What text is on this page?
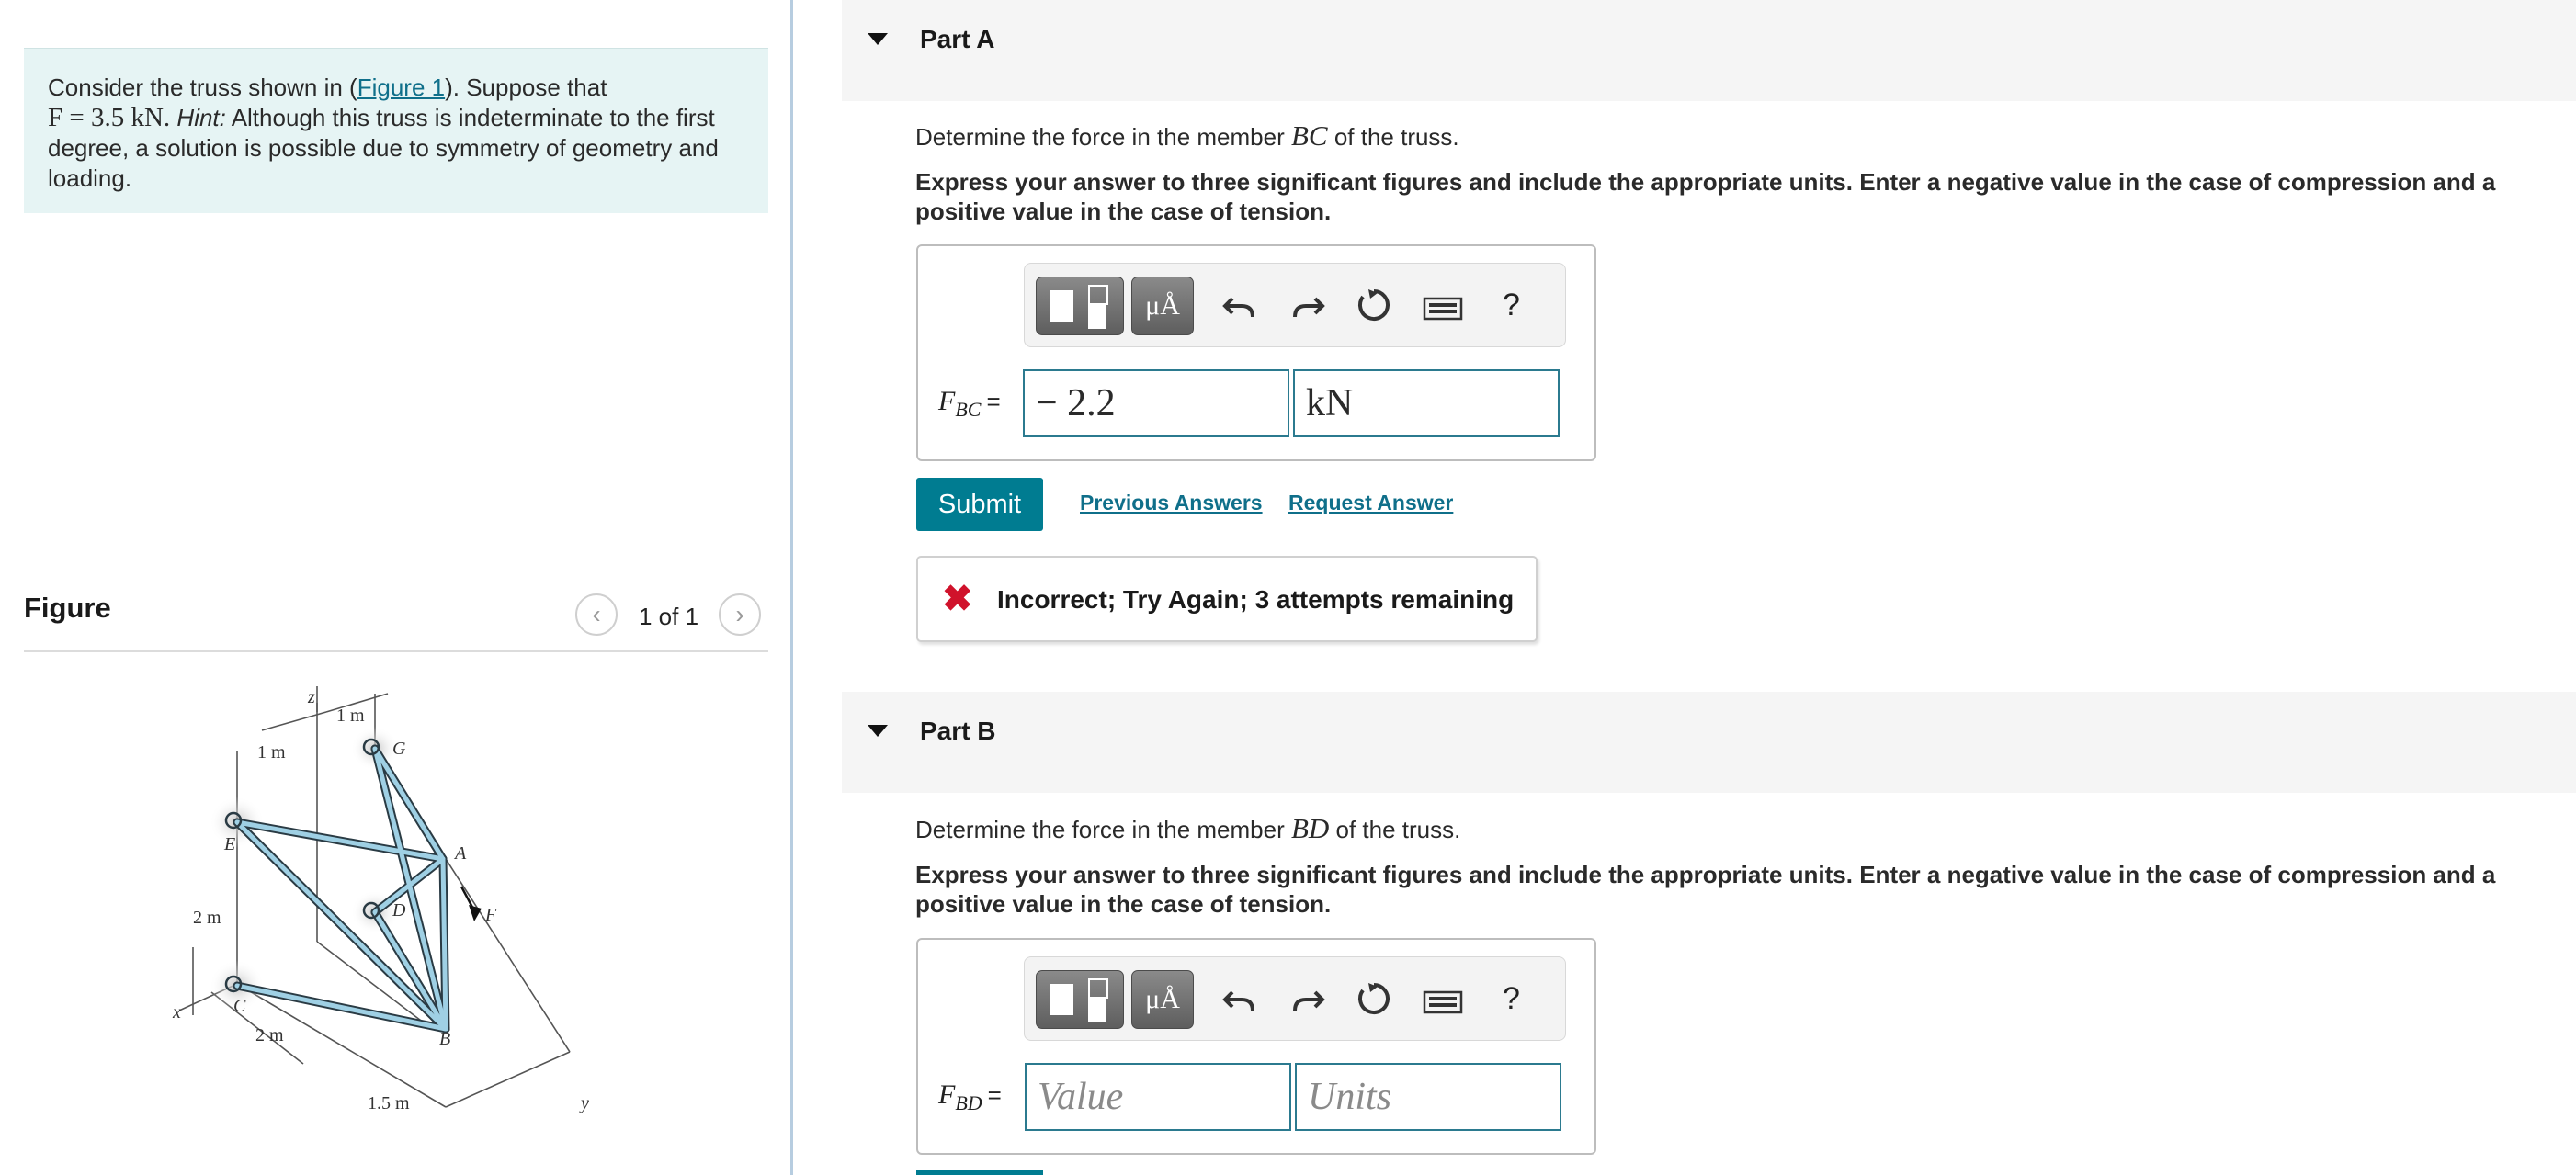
Consider the truss shown in (Figure 1). Suppose that
F = 3.5 kN. Hint: Although this truss is indeterminate to the first degree, a solution is possible due to symmetry of geometry and loading.
Figure	‹ 1 of 1 ›
z
1 m
1 m	G
E	A
D	F
2 m
C
x
2 m	B
1.5 m	y
Part A
Determine the force in the member BC of the truss.
Express your answer to three significant figures and include the appropriate units. Enter a negative value in the case of compression and a positive value in the case of tension.
μÅ	?
$F_{BC}$ = − 2.2	kN
Submit	Previous Answers Request Answer
✖ Incorrect; Try Again; 3 attempts remaining
Part B
Determine the force in the member BD of the truss.
Express your answer to three significant figures and include the appropriate units. Enter a negative value in the case of compression and a positive value in the case of tension.
μÅ	?
$F_{BD}$ = Value	Units
